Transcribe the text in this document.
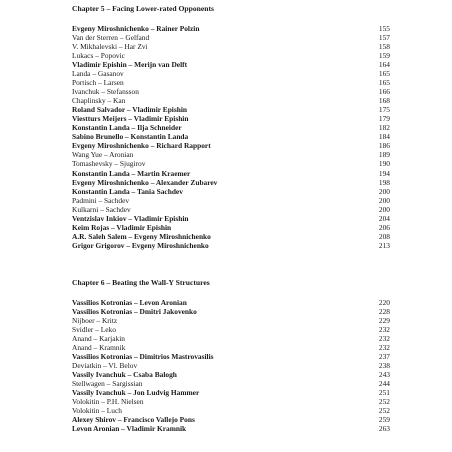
Chapter 5 – Facing Lower-rated Opponents
Evgeny Miroshnichenko – Rainer Polzin	155
Van der Sterren – Gelfand	157
V. Mikhalevski – Har Zvi	158
Lukacs – Popovic	159
Vladimir Epishin – Merijn van Delft	164
Landa – Gasanov	165
Portisch – Larsen	165
Ivanchuk – Stefansson	166
Chaplinsky – Kan	168
Roland Salvador – Vladimir Epishin	175
Viestturs Meijers – Vladimir Epishin	179
Konstantin Landa – Ilja Schneider	182
Sabino Brunello – Konstantin Landa	184
Evgeny Miroshnichenko – Richard Rapport	186
Wang Yue – Aronian	189
Tomashevsky – Sjugirov	190
Konstantin Landa – Martin Kraemer	194
Evgeny Miroshnichenko – Alexander Zubarev	198
Konstantin Landa – Tania Sachdev	200
Padmini – Sachdev	200
Kulkarni – Sachdev	200
Ventzislav Inkiov – Vladimir Epishin	204
Keim Rojas – Vladimir Epishin	206
A.R. Saleh Salem – Evgeny Miroshnichenko	208
Grigor Grigorov – Evgeny Miroshnichenko	213
Chapter 6 – Beating the Wall-Y Structures
Vassilios Kotronias – Levon Aronian	220
Vassilios Kotronias – Dmitri Jakovenko	228
Nijboer – Kritz	229
Svidler – Leko	232
Anand – Karjakin	232
Anand – Kramnik	232
Vassilios Kotronias – Dimitrios Mastrovasilis	237
Deviatkin – Vl. Belov	238
Vassily Ivanchuk – Csaba Balogh	243
Stellwagen – Sargissian	244
Vassily Ivanchuk – Jon Ludvig Hammer	251
Volokitin – P.H. Nielsen	252
Volokitin – Luch	252
Alexey Shirov – Francisco Vallejo Pons	259
Levon Aronian – Vladimir Kramnik	263
